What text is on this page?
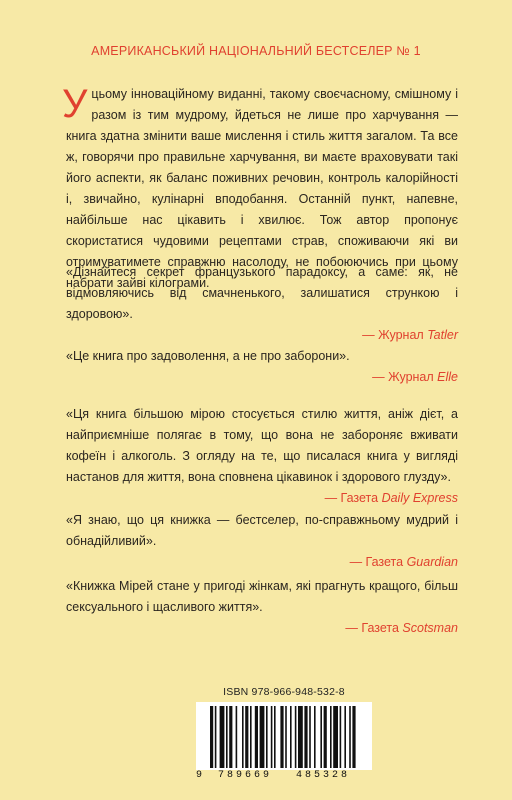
АМЕРИКАНСЬКИЙ НАЦІОНАЛЬНИЙ БЕСТСЕЛЕР № 1
У цьому інноваційному виданні, такому своєчасному, смішному і разом із тим мудрому, йдеться не лише про харчування — книга здатна змінити ваше мислення і стиль життя загалом. Та все ж, говорячи про правильне харчування, ви маєте враховувати такі його аспекти, як баланс поживних речовин, контроль калорійності і, звичайно, кулінарні вподобання. Останній пункт, напевне, найбільше нас цікавить і хвилює. Тож автор пропонує скористатися чудовими рецептами страв, споживаючи які ви отримуватимете справжню насолоду, не побоюючись при цьому набрати зайві кілограми.
«Дізнайтеся секрет французького парадоксу, а саме: як, не відмовляючись від смачненького, залишатися стрункою і здоровою».
— Журнал Tatler
«Це книга про задоволення, а не про заборони».
— Журнал Elle
«Ця книга більшою мірою стосується стилю життя, аніж дієт, а найприємніше полягає в тому, що вона не забороняє вживати кофеїн і алкоголь. З огляду на те, що писалася книга у вигляді настанов для життя, вона сповнена цікавинок і здорового глузду».
— Газета Daily Express
«Я знаю, що ця книжка — бестселер, по-справжньому мудрий і обнадійливий».
— Газета Guardian
«Книжка Мірей стане у пригоді жінкам, які прагнуть кращого, більш сексуального і щасливого життя».
— Газета Scotsman
ISBN 978-966-948-532-8
9 789669 485328
